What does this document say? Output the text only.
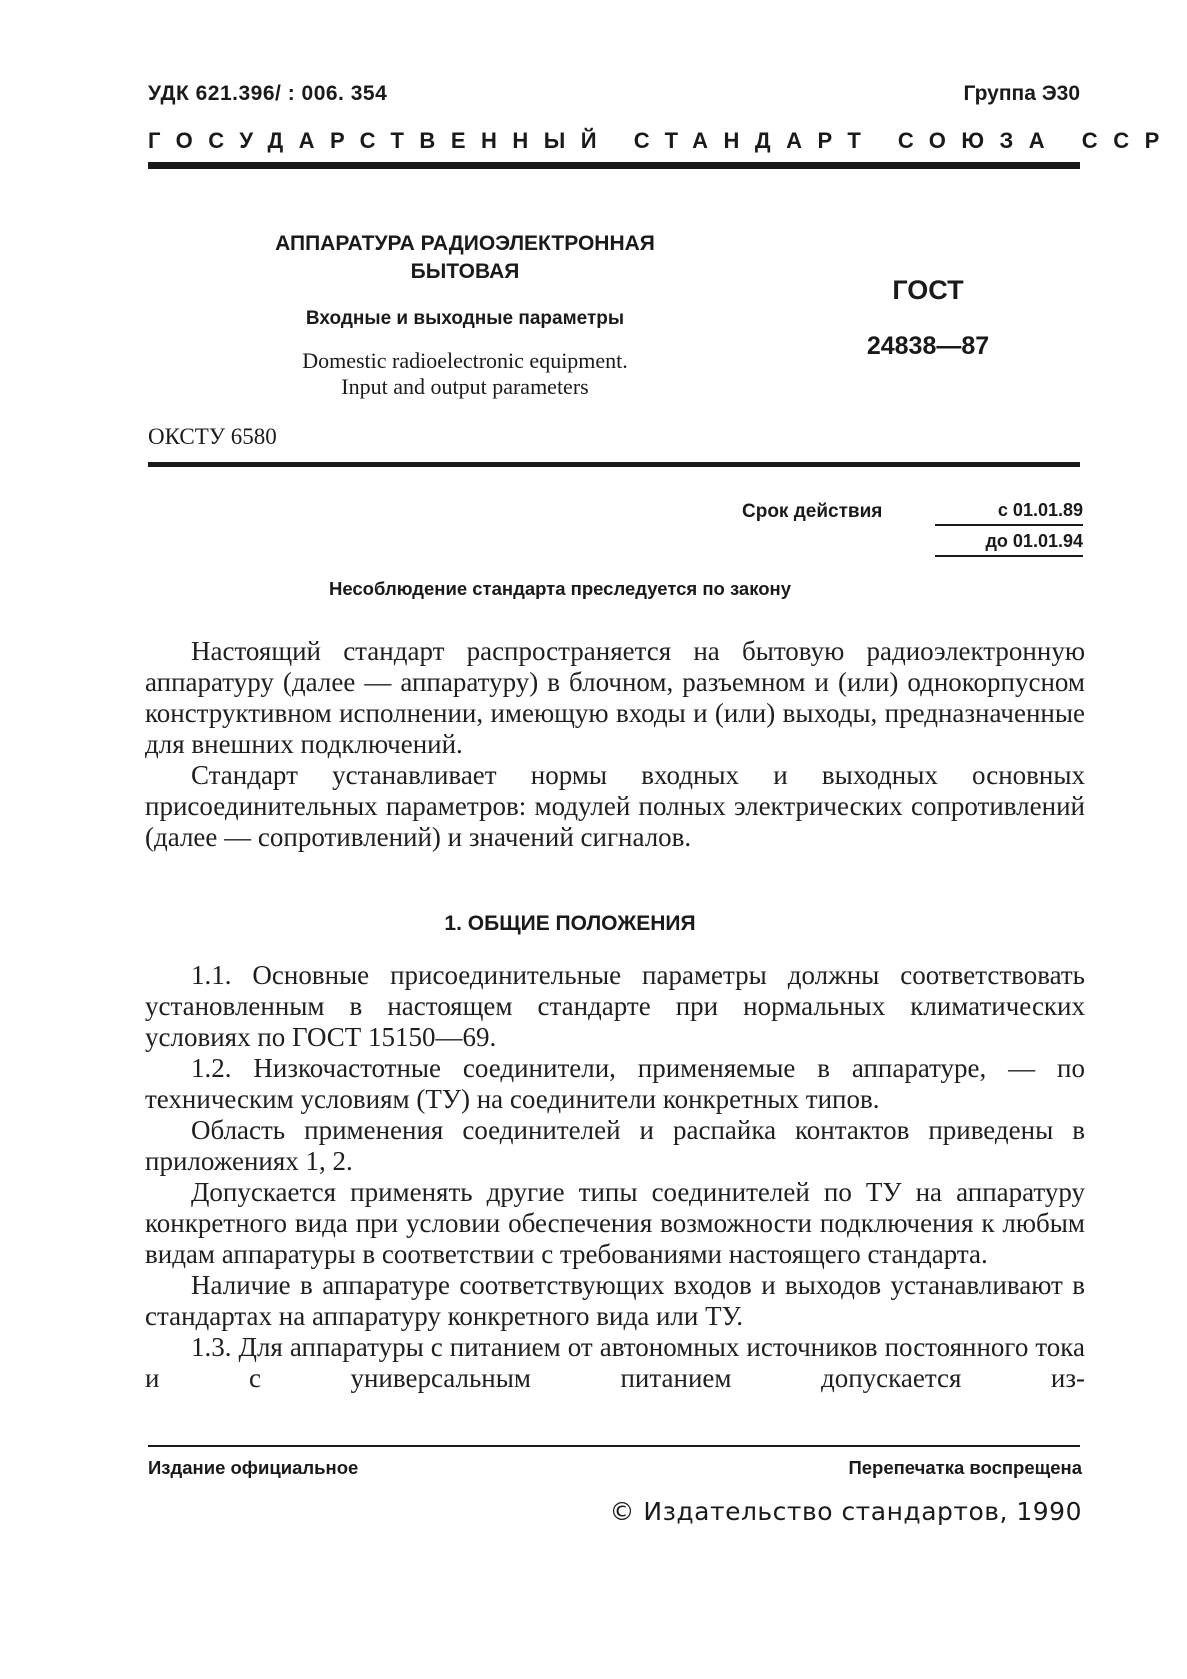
УДК 621.396/ : 006. 354	Группа Э30
ГОСУДАРСТВЕННЫЙ СТАНДАРТ СОЮЗА ССР
АППАРАТУРА РАДИОЭЛЕКТРОННАЯ
БЫТОВАЯ
Входные и выходные параметры
Domestic radioelectronic equipment.
Input and output parameters
ГОСТ
24838—87
ОКСТУ 6580
Срок действия	с 01.01.89
до 01.01.94
Несоблюдение стандарта преследуется по закону

Настоящий стандарт распространяется на бытовую радиоэлектронную аппаратуру (далее — аппаратуру) в блочном, разъемном и (или) однокорпусном конструктивном исполнении, имеющую входы и (или) выходы, предназначенные для внешних подключений.

Стандарт устанавливает нормы входных и выходных основных присоединительных параметров: модулей полных электрических сопротивлений (далее — сопротивлений) и значений сигналов.

1. ОБЩИЕ ПОЛОЖЕНИЯ

1.1. Основные присоединительные параметры должны соответствовать установленным в настоящем стандарте при нормальных климатических условиях по ГОСТ 15150—69.

1.2. Низкочастотные соединители, применяемые в аппаратуре, — по техническим условиям (ТУ) на соединители конкретных типов.

Область применения соединителей и распайка контактов приведены в приложениях 1, 2.

Допускается применять другие типы соединителей по ТУ на аппаратуру конкретного вида при условии обеспечения возможности подключения к любым видам аппаратуры в соответствии с требованиями настоящего стандарта.

Наличие в аппаратуре соответствующих входов и выходов устанавливают в стандартах на аппаратуру конкретного вида или ТУ.

1.3. Для аппаратуры с питанием от автономных источников постоянного тока и с универсальным питанием допускается из-

Издание официальное	Перепечатка воспрещена
© Издательство стандартов, 1990
